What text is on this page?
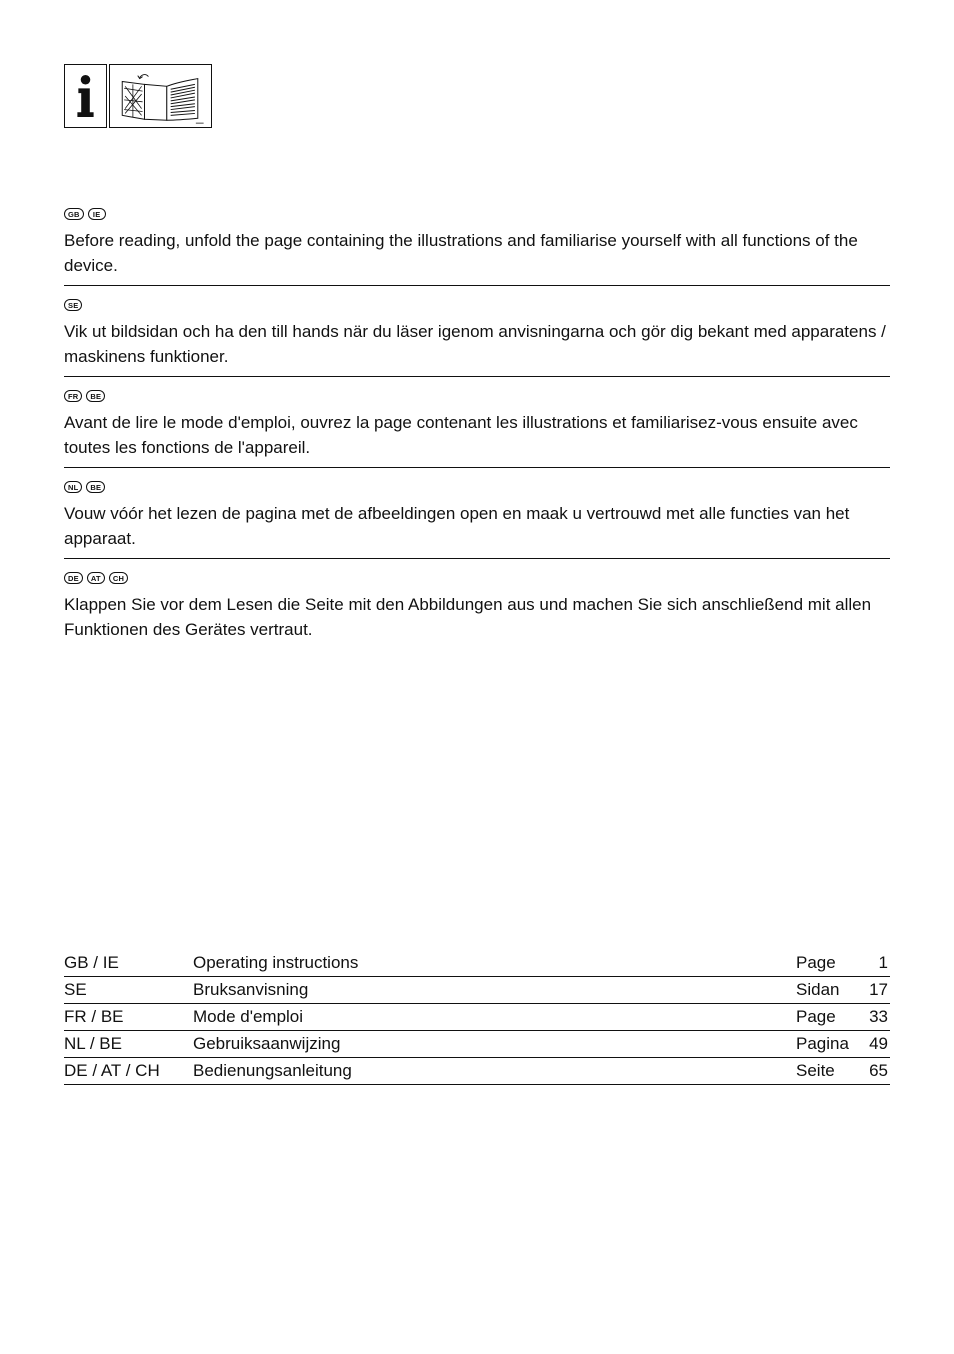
GB	IE

Before reading, unfold the page containing the illustrations and familiarise yourself with all functions of the device.

SE

Vik ut bildsidan och ha den till hands när du läser igenom anvisningarna och gör dig bekant med apparatens / maskinens funktioner.

FR	BE

Avant de lire le mode d'emploi, ouvrez la page contenant les illustrations et familiarisez-vous ensuite avec toutes les fonctions de l'appareil.

NL	BE

Vouw vóór het lezen de pagina met de afbeeldingen open en maak u vertrouwd met alle functies van het apparaat.

DE	AT	CH

Klappen Sie vor dem Lesen die Seite mit den Abbildungen aus und machen Sie sich anschließend mit allen Funktionen des Gerätes vertraut.

GB / IE	Operating instructions	Page	1
SE	Bruksanvisning	Sidan 17
FR / BE	Mode d'emploi	Page 33
NL / BE	Gebruiksaanwijzing	Pagina 49
DE / AT / CH Bedienungsanleitung	Seite 65
